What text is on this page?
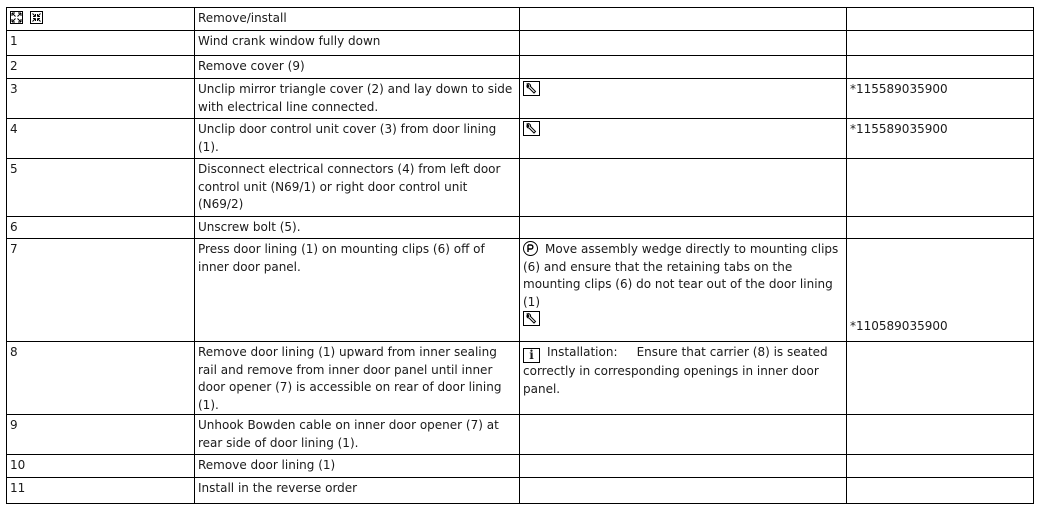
	Remove/install		
1	Wind crank window fully down		
2	Remove cover (9)		
3	Unclip mirror triangle cover (2) and lay down to side with electrical line connected.		*115589035900
4	Unclip door control unit cover (3) from door lining (1).		*115589035900
5	Disconnect electrical connectors (4) from left door control unit (N69/1) or right door control unit (N69/2)		
6	Unscrew bolt (5).		
7	Press door lining (1) on mounting clips (6) off of inner door panel.	Move assembly wedge directly to mounting clips (6) and ensure that the retaining tabs on the mounting clips (6) do not tear out of the door lining (1)	*110589035900
8	Remove door lining (1) upward from inner sealing rail and remove from inner door panel until inner door opener (7) is accessible on rear of door lining (1).	i Installation: Ensure that carrier (8) is seated correctly in corresponding openings in inner door panel.	
9	Unhook Bowden cable on inner door opener (7) at rear side of door lining (1).		
10	Remove door lining (1)		
11	Install in the reverse order		
